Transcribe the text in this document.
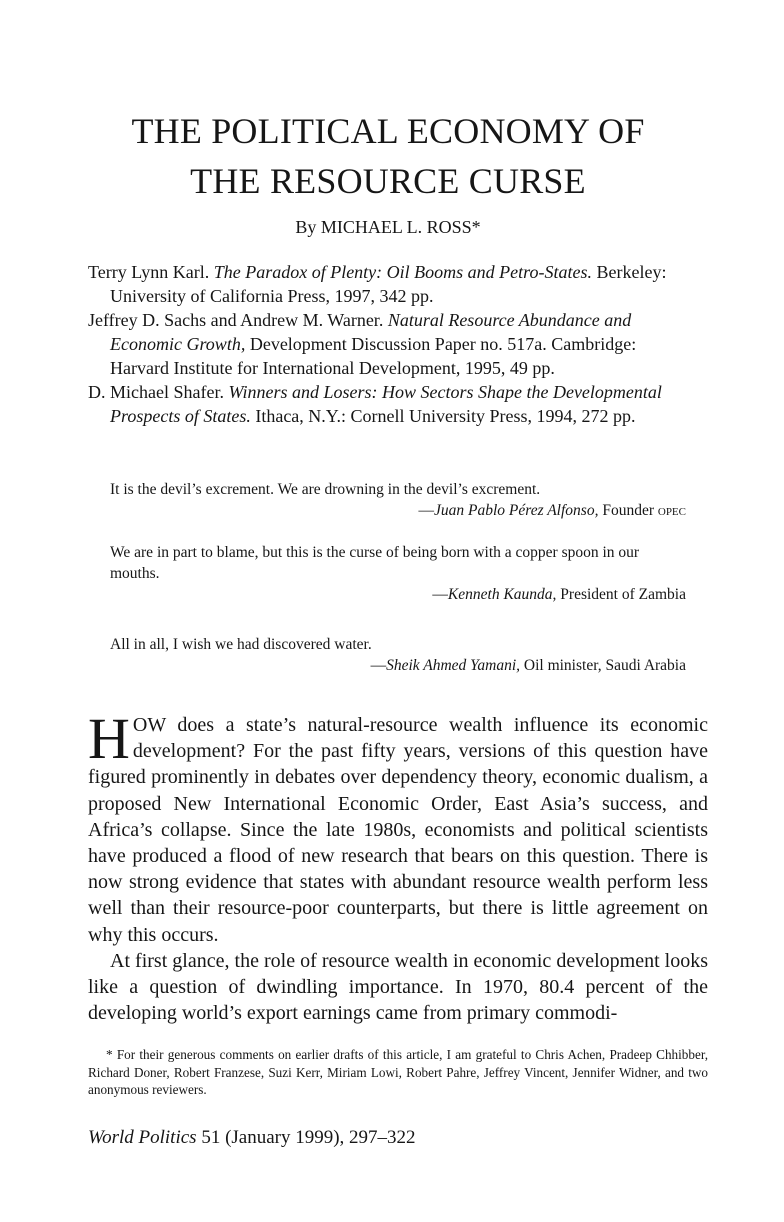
THE POLITICAL ECONOMY OF
THE RESOURCE CURSE
By MICHAEL L. ROSS*

Terry Lynn Karl. The Paradox of Plenty: Oil Booms and Petro-States. Berkeley: University of California Press, 1997, 342 pp.

Jeffrey D. Sachs and Andrew M. Warner. Natural Resource Abundance and Economic Growth, Development Discussion Paper no. 517a. Cambridge: Harvard Institute for International Development, 1995, 49 pp.

D. Michael Shafer. Winners and Losers: How Sectors Shape the Developmental Prospects of States. Ithaca, N.Y.: Cornell University Press, 1994, 272 pp.

It is the devil’s excrement. We are drowning in the devil’s excrement.

—Juan Pablo Pérez Alfonso, Founder opec

We are in part to blame, but this is the curse of being born with a copper spoon in our mouths.

—Kenneth Kaunda, President of Zambia

All in all, I wish we had discovered water.

—Sheik Ahmed Yamani, Oil minister, Saudi Arabia

HOW does a state’s natural-resource wealth influence its economic development? For the past fifty years, versions of this question have figured prominently in debates over dependency theory, economic dualism, a proposed New International Economic Order, East Asia’s success, and Africa’s collapse. Since the late 1980s, economists and political scientists have produced a flood of new research that bears on this question. There is now strong evidence that states with abundant resource wealth perform less well than their resource-poor counterparts, but there is little agreement on why this occurs.

At first glance, the role of resource wealth in economic development looks like a question of dwindling importance. In 1970, 80.4 percent of the developing world’s export earnings came from primary commodi-

* For their generous comments on earlier drafts of this article, I am grateful to Chris Achen, Pradeep Chhibber, Richard Doner, Robert Franzese, Suzi Kerr, Miriam Lowi, Robert Pahre, Jeffrey Vincent, Jennifer Widner, and two anonymous reviewers.

World Politics 51 (January 1999), 297–322
